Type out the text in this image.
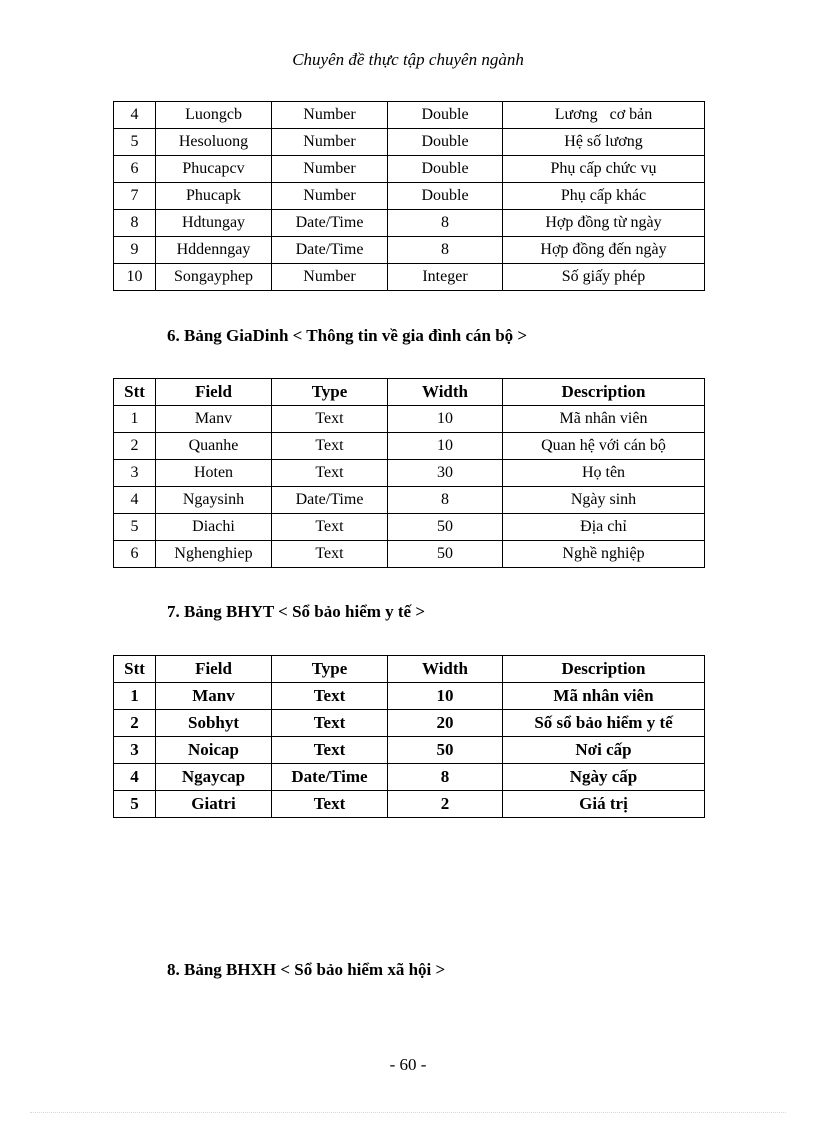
Chuyên đề thực tập chuyên ngành
4	Luongcb	Number	Double	Lương   cơ bản
5	Hesoluong	Number	Double	Hệ số lương
6	Phucapcv	Number	Double	Phụ cấp chức vụ
7	Phucapk	Number	Double	Phụ cấp khác
8	Hdtungay	Date/Time	8	Hợp đồng từ ngày
9	Hddenngay	Date/Time	8	Hợp đồng đến ngày
10	Songayphep	Number	Integer	Số giấy phép
6. Bảng GiaDinh < Thông tin về gia đình cán bộ >
Stt	Field	Type	Width	Description
1	Manv	Text	10	Mã nhân viên
2	Quanhe	Text	10	Quan hệ với cán bộ
3	Hoten	Text	30	Họ tên
4	Ngaysinh	Date/Time	8	Ngày sinh
5	Diachi	Text	50	Địa chỉ
6	Nghenghiep	Text	50	Nghề nghiệp
7. Bảng BHYT < Sổ bảo hiểm y tế >
Stt	Field	Type	Width	Description
1	Manv	Text	10	Mã nhân viên
2	Sobhyt	Text	20	Số sổ bảo hiểm y tế
3	Noicap	Text	50	Nơi cấp
4	Ngaycap	Date/Time	8	Ngày cấp
5	Giatri	Text	2	Giá trị
8. Bảng BHXH < Sổ bảo hiểm xã hội >
- 60 -
